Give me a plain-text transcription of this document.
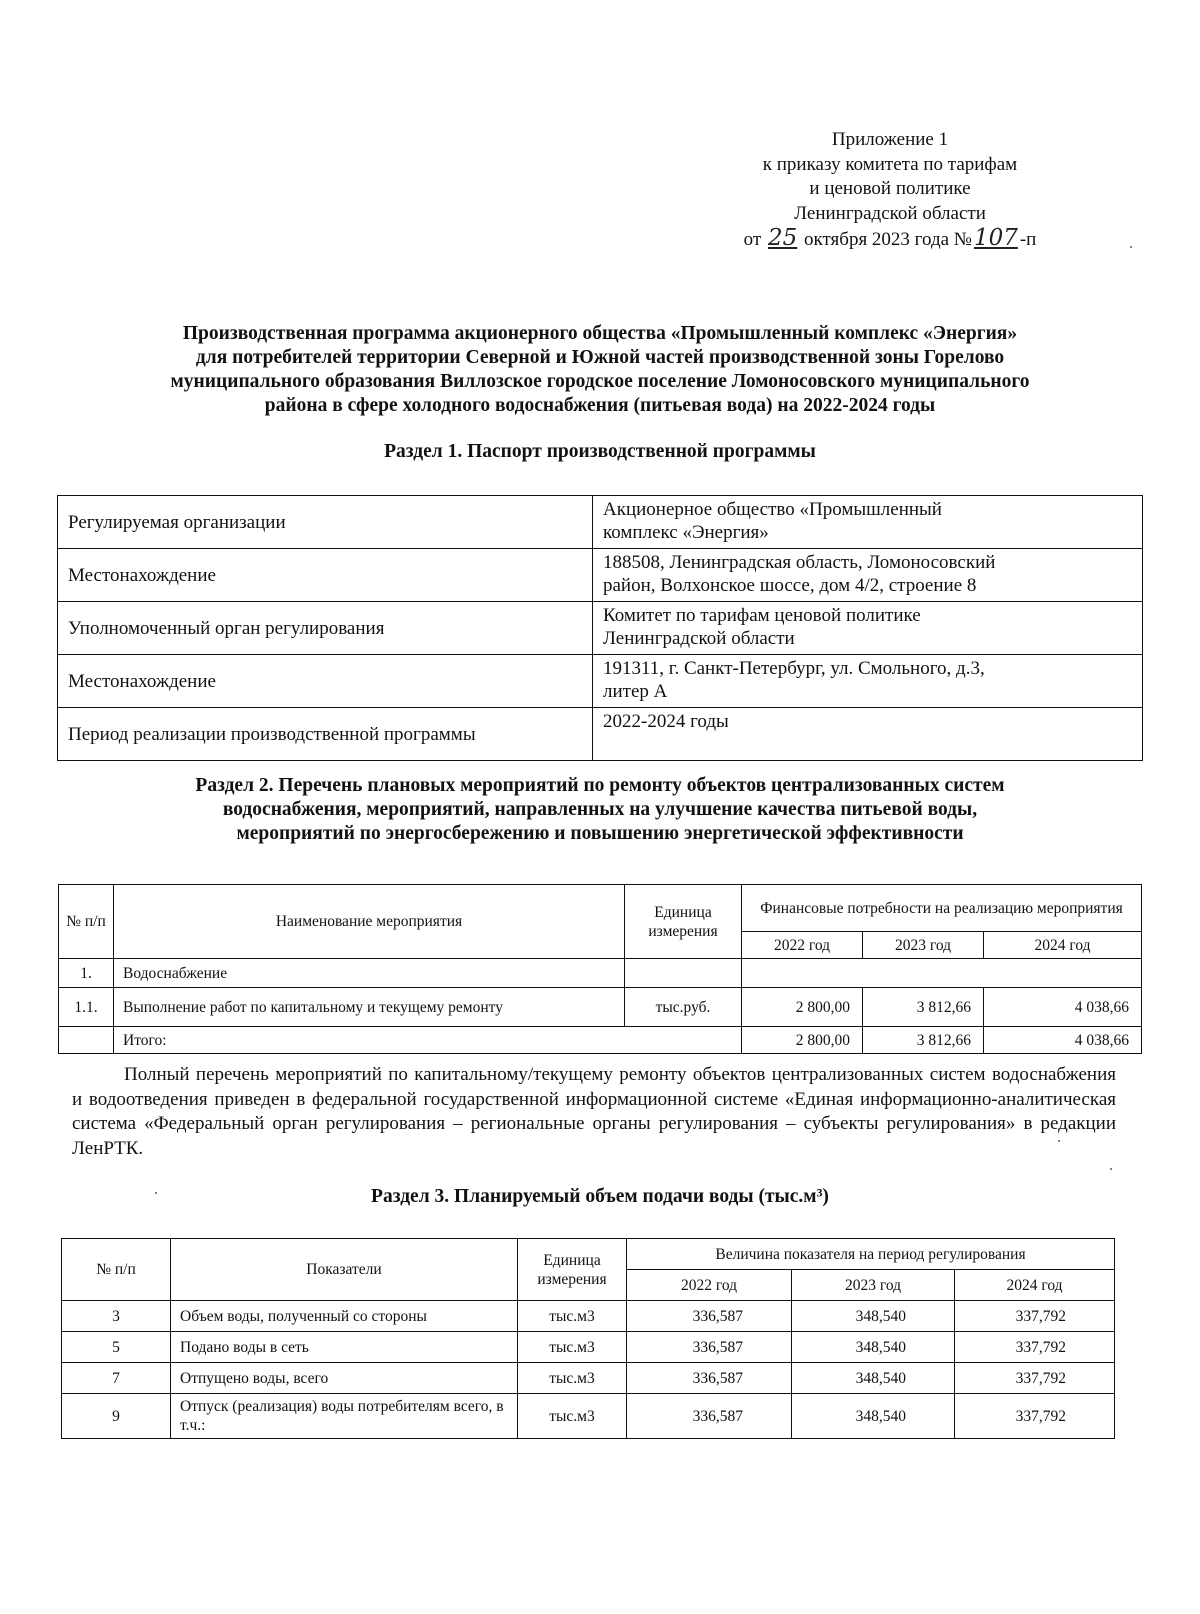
Приложение 1
к приказу комитета по тарифам
и ценовой политике
Ленинградской области
от 25 октября 2023 года №107 -п
Производственная программа акционерного общества «Промышленный комплекс «Энергия»
для потребителей территории Северной и Южной частей производственной зоны Горелово
муниципального образования Виллозское городское поселение Ломоносовского муниципального
района в сфере холодного водоснабжения (питьевая вода) на 2022-2024 годы
Раздел 1. Паспорт производственной программы
Регулируемая организации	Акционерное общество «Промышленный
комплекс «Энергия»

Местонахождение	188508, Ленинградская область, Ломоносовский
район, Волхонское шоссе, дом 4/2, строение 8

Уполномоченный орган регулирования	Комитет по тарифам ценовой политике
Ленинградской области

Местонахождение	191311, г. Санкт-Петербург, ул. Смольного, д.3,
литер А

Период реализации производственной программы	2022-2024 годы
Раздел 2. Перечень плановых мероприятий по ремонту объектов централизованных систем
водоснабжения, мероприятий, направленных на улучшение качества питьевой воды,
мероприятий по энергосбережению и повышению энергетической эффективности
№ п/п	Наименование мероприятия	Единица измерения	Финансовые потребности на реализацию мероприятия		
			2022 год	2023 год	2024 год
1.	Водоснабжение				
1.1.	Выполнение работ по капитальному и текущему ремонту	тыс.руб.	2 800,00	3 812,66	4 038,66
	Итого:		2 800,00	3 812,66	4 038,66
Полный перечень мероприятий по капитальному/текущему ремонту объектов централизованных систем водоснабжения и водоотведения приведен в федеральной государственной информационной системе «Единая информационно-аналитическая система «Федеральный орган регулирования – региональные органы регулирования – субъекты регулирования» в редакции ЛенРТК.
Раздел 3. Планируемый объем подачи воды (тыс.м³)
№ п/п	Показатели	Единица измерения	Величина показателя на период регулирования		
			2022 год	2023 год	2024 год
3	Объем воды, полученный со стороны	тыс.м3	336,587	348,540	337,792
5	Подано воды в сеть	тыс.м3	336,587	348,540	337,792
7	Отпущено воды, всего	тыс.м3	336,587	348,540	337,792
9	Отпуск (реализация) воды потребителям всего, в т.ч.:	тыс.м3	336,587	348,540	337,792
